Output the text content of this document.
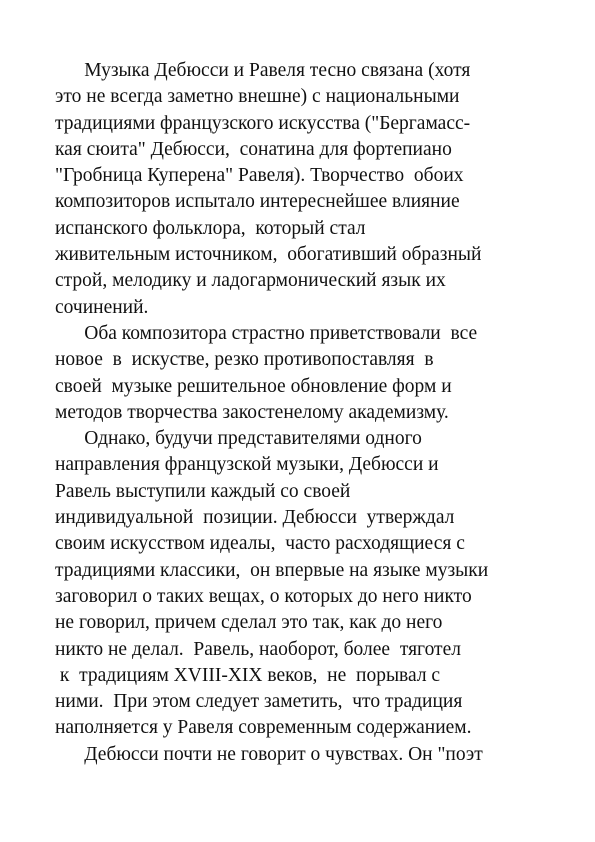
Музыка Дебюсси и Равеля тесно связана (хотя
это не всегда заметно внешне) с национальными
традициями французского искусства ("Бергамасс-
кая сюита" Дебюсси,  сонатина для фортепиано
"Гробница Куперена" Равеля). Творчество  обоих
композиторов испытало интереснейшее влияние
испанского фольклора,  который стал
живительным источником,  обогативший образный
строй, мелодику и ладогармонический язык их
сочинений.
Оба композитора страстно приветствовали  все
новое  в  искустве, резко противопоставляя  в
своей  музыке решительное обновление форм и
методов творчества закостенелому академизму.
Однако, будучи представителями одного
направления французской музыки, Дебюсси и
Равель выступили каждый со своей
индивидуальной  позиции. Дебюсси  утверждал
своим искусством идеалы,  часто расходящиеся с
традициями классики,  он впервые на языке музыки
заговорил о таких вещах, о которых до него никто
не говорил, причем сделал это так, как до него
никто не делал.  Равель, наоборот, более  тяготел
к  традициям XVIII-XIX веков,  не  порывал с
ними.  При этом следует заметить,  что традиция
наполняется у Равеля современным содержанием.
Дебюсси почти не говорит о чувствах. Он "поэт
